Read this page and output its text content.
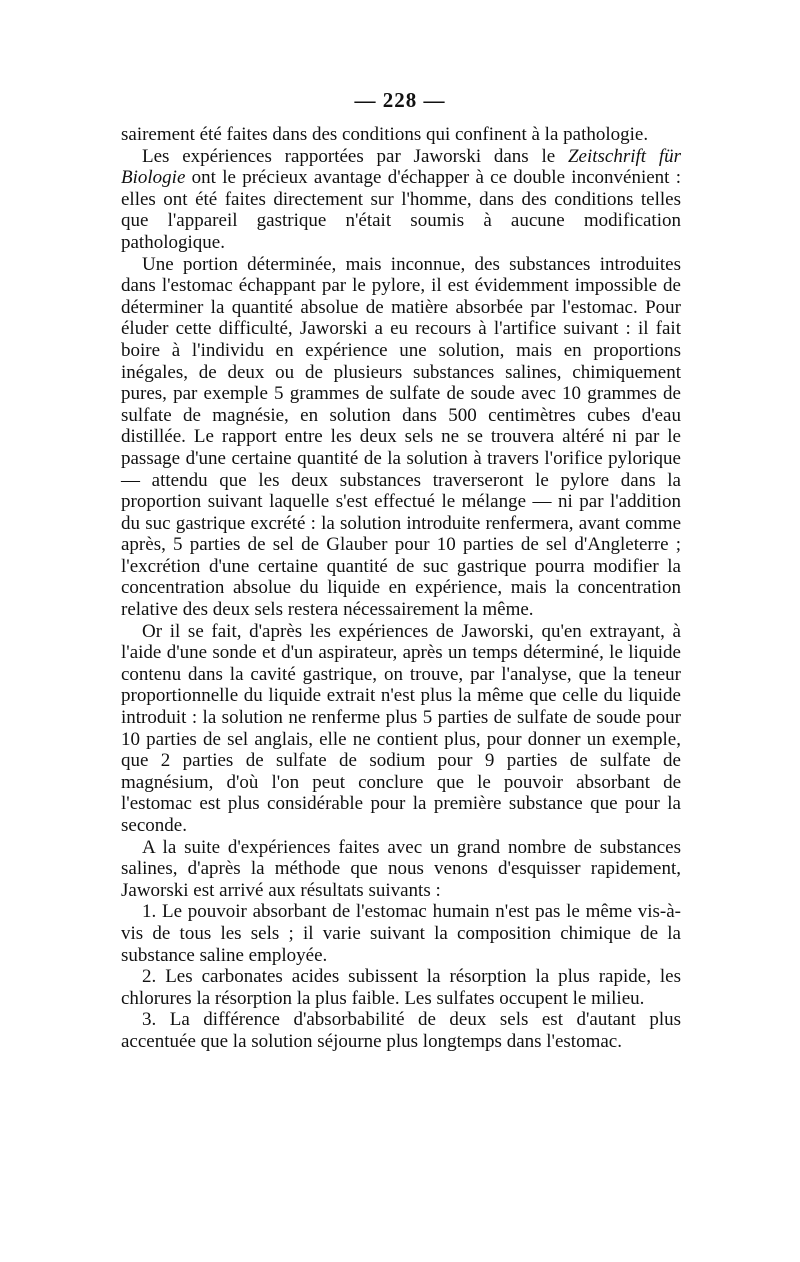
— 228 —

sairement été faites dans des conditions qui confinent à la pathologie.

Les expériences rapportées par Jaworski dans le Zeitschrift für Biologie ont le précieux avantage d'échapper à ce double inconvénient : elles ont été faites directement sur l'homme, dans des conditions telles que l'appareil gastrique n'était soumis à aucune modification pathologique.

Une portion déterminée, mais inconnue, des substances introduites dans l'estomac échappant par le pylore, il est évidemment impossible de déterminer la quantité absolue de matière absorbée par l'estomac. Pour éluder cette difficulté, Jaworski a eu recours à l'artifice suivant : il fait boire à l'individu en expérience une solution, mais en proportions inégales, de deux ou de plusieurs substances salines, chimiquement pures, par exemple 5 grammes de sulfate de soude avec 10 grammes de sulfate de magnésie, en solution dans 500 centimètres cubes d'eau distillée. Le rapport entre les deux sels ne se trouvera altéré ni par le passage d'une certaine quantité de la solution à travers l'orifice pylorique — attendu que les deux substances traverseront le pylore dans la proportion suivant laquelle s'est effectué le mélange — ni par l'addition du suc gastrique excrété : la solution introduite renfermera, avant comme après, 5 parties de sel de Glauber pour 10 parties de sel d'Angleterre ; l'excrétion d'une certaine quantité de suc gastrique pourra modifier la concentration absolue du liquide en expérience, mais la concentration relative des deux sels restera nécessairement la même.

Or il se fait, d'après les expériences de Jaworski, qu'en extrayant, à l'aide d'une sonde et d'un aspirateur, après un temps déterminé, le liquide contenu dans la cavité gastrique, on trouve, par l'analyse, que la teneur proportionnelle du liquide extrait n'est plus la même que celle du liquide introduit : la solution ne renferme plus 5 parties de sulfate de soude pour 10 parties de sel anglais, elle ne contient plus, pour donner un exemple, que 2 parties de sulfate de sodium pour 9 parties de sulfate de magnésium, d'où l'on peut conclure que le pouvoir absorbant de l'estomac est plus considérable pour la première substance que pour la seconde.

A la suite d'expériences faites avec un grand nombre de substances salines, d'après la méthode que nous venons d'esquisser rapidement, Jaworski est arrivé aux résultats suivants :

1. Le pouvoir absorbant de l'estomac humain n'est pas le même vis-à-vis de tous les sels ; il varie suivant la composition chimique de la substance saline employée.

2. Les carbonates acides subissent la résorption la plus rapide, les chlorures la résorption la plus faible. Les sulfates occupent le milieu.

3. La différence d'absorbabilité de deux sels est d'autant plus accentuée que la solution séjourne plus longtemps dans l'estomac.
